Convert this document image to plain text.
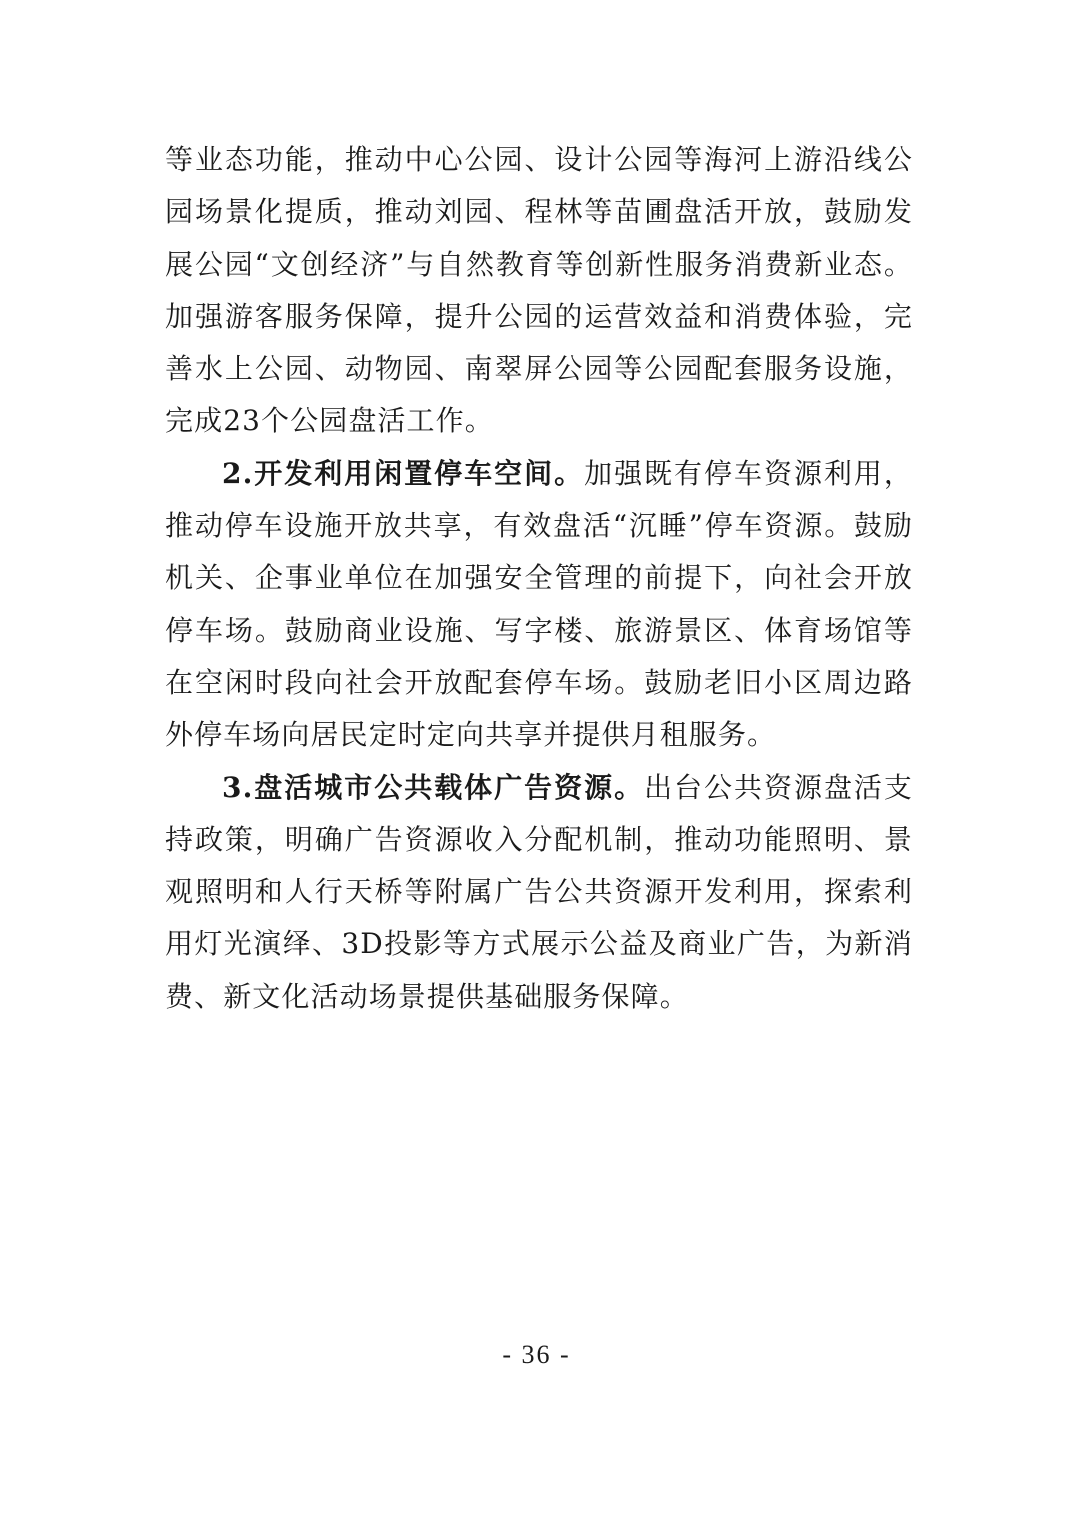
等业态功能，推动中心公园、设计公园等海河上游沿线公园场景化提质，推动刘园、程林等苗圃盘活开放，鼓励发展公园“文创经济”与自然教育等创新性服务消费新业态。加强游客服务保障，提升公园的运营效益和消费体验，完善水上公园、动物园、南翠屏公园等公园配套服务设施，完成23个公园盘活工作。

2.开发利用闲置停车空间。加强既有停车资源利用，推动停车设施开放共享，有效盘活“沉睡”停车资源。鼓励机关、企事业单位在加强安全管理的前提下，向社会开放停车场。鼓励商业设施、写字楼、旅游景区、体育场馆等在空闲时段向社会开放配套停车场。鼓励老旧小区周边路外停车场向居民定时定向共享并提供月租服务。

3.盘活城市公共载体广告资源。出台公共资源盘活支持政策，明确广告资源收入分配机制，推动功能照明、景观照明和人行天桥等附属广告公共资源开发利用，探索利用灯光演绎、3D投影等方式展示公益及商业广告，为新消费、新文化活动场景提供基础服务保障。

- 36 -
